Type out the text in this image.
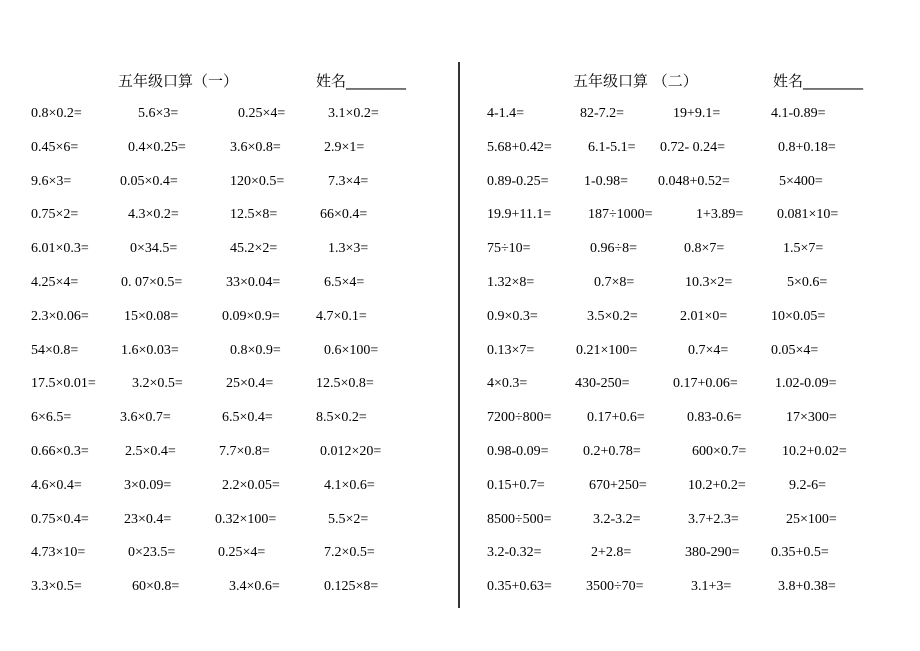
五年级口算（一）	姓名________
0.8×0.2=	5.6×3=	0.25×4=	3.1×0.2=
0.45×6=	0.4×0.25=	3.6×0.8=	2.9×1=
9.6×3=	0.05×0.4=	120×0.5=	7.3×4=
0.75×2=	4.3×0.2=	12.5×8=	66×0.4=
6.01×0.3=	0×34.5=	45.2×2=	1.3×3=
4.25×4=	0. 07×0.5=	33×0.04=	6.5×4=
2.3×0.06=	15×0.08=	0.09×0.9=	4.7×0.1=
54×0.8=	1.6×0.03=	0.8×0.9=	0.6×100=
17.5×0.01=	3.2×0.5=	25×0.4=	12.5×0.8=
6×6.5=	3.6×0.7=	6.5×0.4=	8.5×0.2=
0.66×0.3=	2.5×0.4=	7.7×0.8=	0.012×20=
4.6×0.4=	3×0.09=	2.2×0.05=	4.1×0.6=
0.75×0.4=	23×0.4=	0.32×100=	5.5×2=
4.73×10=	0×23.5=	0.25×4=	7.2×0.5=
3.3×0.5=	60×0.8=	3.4×0.6=	0.125×8=
五年级口算 （二）	姓名________
4-1.4=	82-7.2=	19+9.1=	4.1-0.89=
5.68+0.42=	6.1-5.1= 0.72- 0.24=	0.8+0.18=
0.89-0.25=	1-0.98= 0.048+0.52=	5×400=
19.9+11.1=	187÷1000=	1+3.89= 0.081×10=
75÷10=	0.96÷8=	0.8×7=	1.5×7=
1.32×8=	0.7×8=	10.3×2=	5×0.6=
0.9×0.3=	3.5×0.2=	2.01×0=	10×0.05=
0.13×7=	0.21×100=	0.7×4=	0.05×4=
4×0.3=	430-250=	0.17+0.06=	1.02-0.09=
7200÷800=	0.17+0.6=	0.83-0.6=	17×300=
0.98-0.09= 0.2+0.78=	600×0.7=	10.2+0.02=
0.15+0.7=	670+250=	10.2+0.2=	9.2-6=
8500÷500=	3.2-3.2=	3.7+2.3=	25×100=
3.2-0.32=	2+2.8=	380-290= 0.35+0.5=
0.35+0.63= 3500÷70=	3.1+3=	3.8+0.38=
